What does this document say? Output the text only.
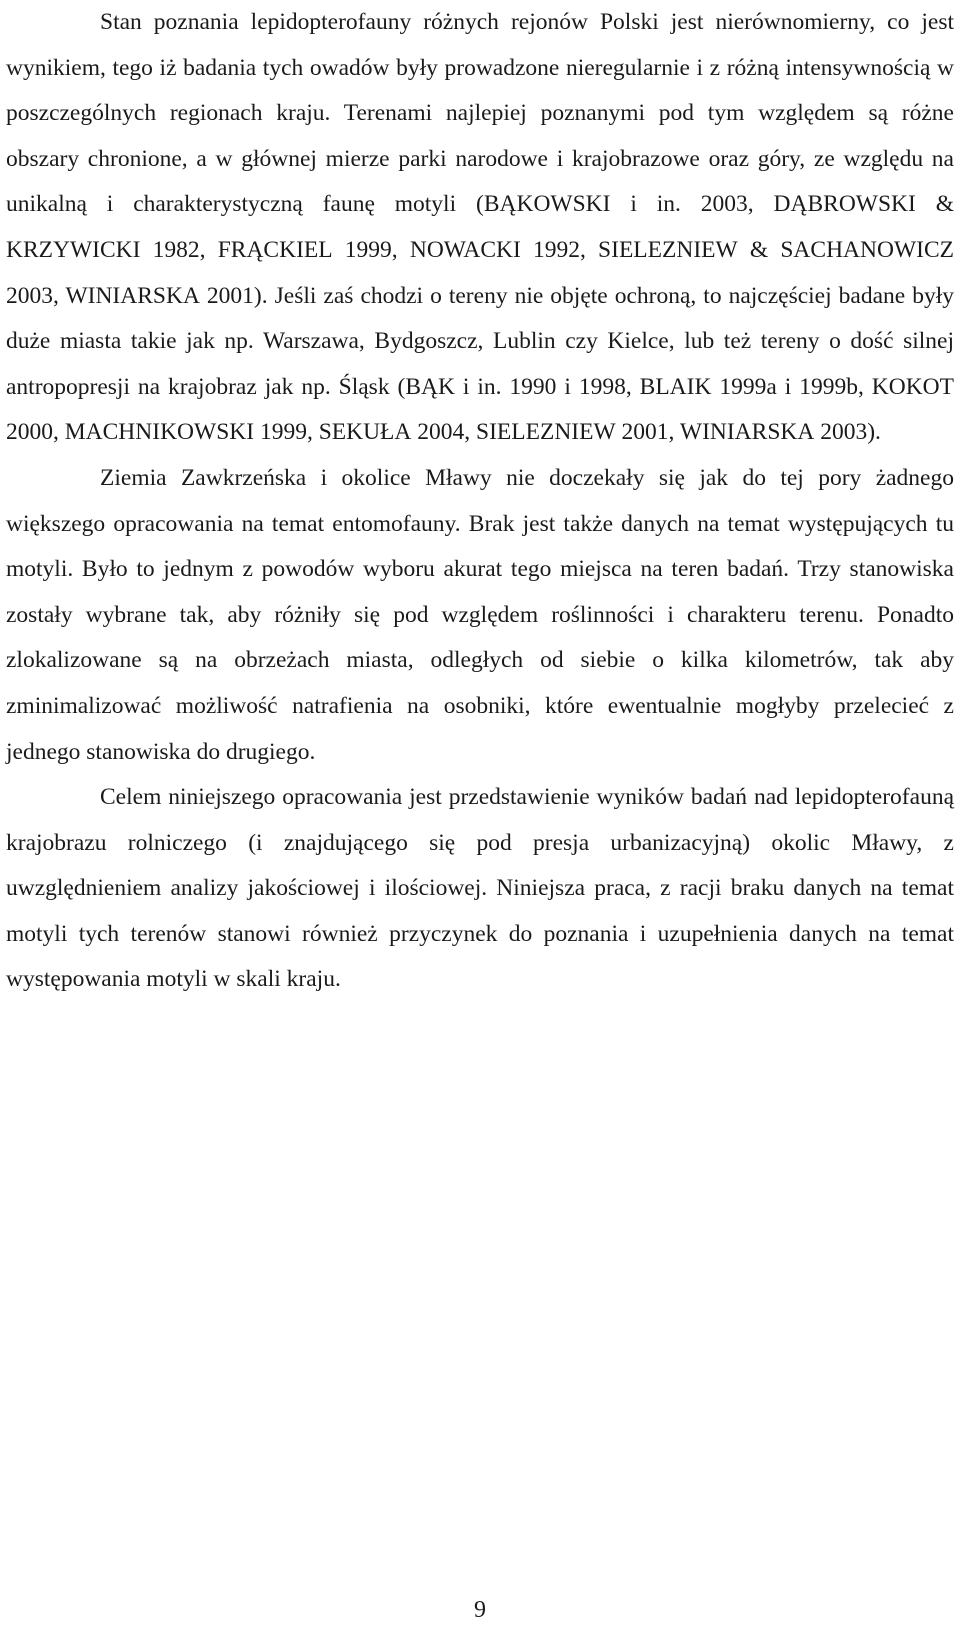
Stan poznania lepidopterofauny różnych rejonów Polski jest nierównomierny, co jest wynikiem, tego iż badania tych owadów były prowadzone nieregularnie i z różną intensywnością w poszczególnych regionach kraju. Terenami najlepiej poznanymi pod tym względem są różne obszary chronione, a w głównej mierze parki narodowe i krajobrazowe oraz góry, ze względu na unikalną i charakterystyczną faunę motyli (BĄKOWSKI i in. 2003, DĄBROWSKI & KRZYWICKI 1982, FRĄCKIEL 1999, NOWACKI 1992, SIELEZNIEW & SACHANOWICZ 2003, WINIARSKA 2001). Jeśli zaś chodzi o tereny nie objęte ochroną, to najczęściej badane były duże miasta takie jak np. Warszawa, Bydgoszcz, Lublin czy Kielce, lub też tereny o dość silnej antropopresji na krajobraz jak np. Śląsk (BĄK i in. 1990 i 1998, BLAIK 1999a i 1999b, KOKOT 2000, MACHNIKOWSKI 1999, SEKUŁA 2004, SIELEZNIEW 2001, WINIARSKA 2003).

Ziemia Zawkrzeńska i okolice Mławy nie doczekały się jak do tej pory żadnego większego opracowania na temat entomofauny. Brak jest także danych na temat występujących tu motyli. Było to jednym z powodów wyboru akurat tego miejsca na teren badań. Trzy stanowiska zostały wybrane tak, aby różniły się pod względem roślinności i charakteru terenu. Ponadto zlokalizowane są na obrzeżach miasta, odległych od siebie o kilka kilometrów, tak aby zminimalizować możliwość natrafienia na osobniki, które ewentualnie mogłyby przelecieć z jednego stanowiska do drugiego.

Celem niniejszego opracowania jest przedstawienie wyników badań nad lepidopterofauną krajobrazu rolniczego (i znajdującego się pod presja urbanizacyjną) okolic Mławy, z uwzględnieniem analizy jakościowej i ilościowej. Niniejsza praca, z racji braku danych na temat motyli tych terenów stanowi również przyczynek do poznania i uzupełnienia danych na temat występowania motyli w skali kraju.

9
